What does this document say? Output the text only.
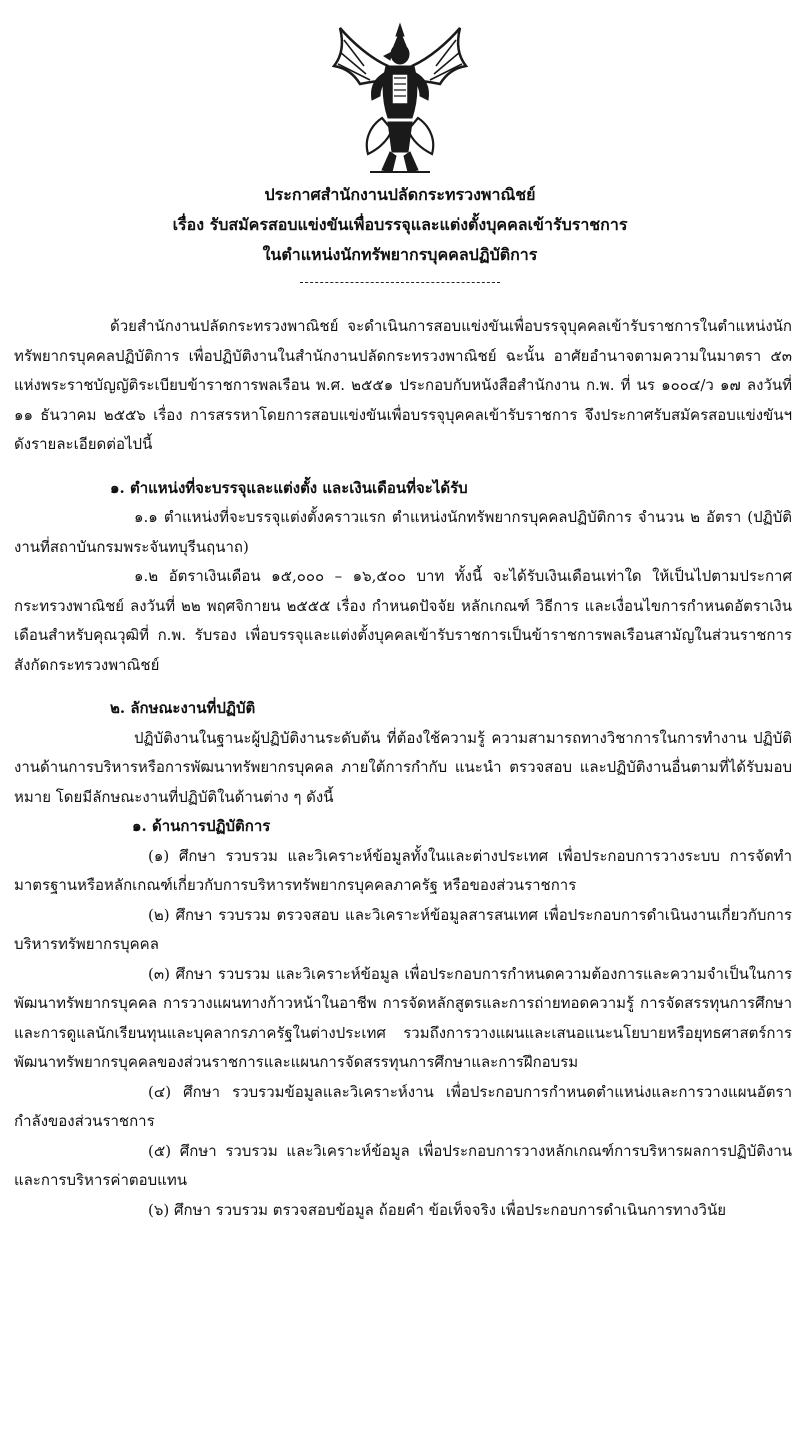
ประกาศสำนักงานปลัดกระทรวงพาณิชย์
เรื่อง รับสมัครสอบแข่งขันเพื่อบรรจุและแต่งตั้งบุคคลเข้ารับราชการ
ในตำแหน่งนักทรัพยากรบุคคลปฏิบัติการ

ด้วยสำนักงานปลัดกระทรวงพาณิชย์ จะดำเนินการสอบแข่งขันเพื่อบรรจุบุคคลเข้ารับราชการในตำแหน่งนักทรัพยากรบุคคลปฏิบัติการ เพื่อปฏิบัติงานในสำนักงานปลัดกระทรวงพาณิชย์ ฉะนั้น อาศัยอำนาจตามความในมาตรา ๕๓ แห่งพระราชบัญญัติระเบียบข้าราชการพลเรือน พ.ศ. ๒๕๕๑ ประกอบกับหนังสือสำนักงาน ก.พ. ที่ นร ๑๐๐๔/ว ๑๗ ลงวันที่ ๑๑ ธันวาคม ๒๕๕๖ เรื่อง การสรรหาโดยการสอบแข่งขันเพื่อบรรจุบุคคลเข้ารับราชการ จึงประกาศรับสมัครสอบแข่งขันฯ ดังรายละเอียดต่อไปนี้

๑. ตำแหน่งที่จะบรรจุและแต่งตั้ง และเงินเดือนที่จะได้รับ

๑.๑ ตำแหน่งที่จะบรรจุแต่งตั้งคราวแรก ตำแหน่งนักทรัพยากรบุคคลปฏิบัติการ จำนวน ๒ อัตรา (ปฏิบัติงานที่สถาบันกรมพระจันทบุรีนฤนาถ)

๑.๒ อัตราเงินเดือน ๑๕,๐๐๐ – ๑๖,๕๐๐ บาท ทั้งนี้ จะได้รับเงินเดือนเท่าใด ให้เป็นไปตามประกาศกระทรวงพาณิชย์ ลงวันที่ ๒๒ พฤศจิกายน ๒๕๕๕ เรื่อง กำหนดปัจจัย หลักเกณฑ์ วิธีการ และเงื่อนไขการกำหนดอัตราเงินเดือนสำหรับคุณวุฒิที่ ก.พ. รับรอง เพื่อบรรจุและแต่งตั้งบุคคลเข้ารับราชการเป็นข้าราชการพลเรือนสามัญในส่วนราชการสังกัดกระทรวงพาณิชย์

๒. ลักษณะงานที่ปฏิบัติ

ปฏิบัติงานในฐานะผู้ปฏิบัติงานระดับต้น ที่ต้องใช้ความรู้ ความสามารถทางวิชาการในการทำงาน ปฏิบัติงานด้านการบริหารหรือการพัฒนาทรัพยากรบุคคล ภายใต้การกำกับ แนะนำ ตรวจสอบ และปฏิบัติงานอื่นตามที่ได้รับมอบหมาย โดยมีลักษณะงานที่ปฏิบัติในด้านต่าง ๆ ดังนี้

๑. ด้านการปฏิบัติการ

(๑) ศึกษา รวบรวม และวิเคราะห์ข้อมูลทั้งในและต่างประเทศ เพื่อประกอบการวางระบบ การจัดทำมาตรฐานหรือหลักเกณฑ์เกี่ยวกับการบริหารทรัพยากรบุคคลภาครัฐ หรือของส่วนราชการ

(๒) ศึกษา รวบรวม ตรวจสอบ และวิเคราะห์ข้อมูลสารสนเทศ เพื่อประกอบการดำเนินงานเกี่ยวกับการบริหารทรัพยากรบุคคล

(๓) ศึกษา รวบรวม และวิเคราะห์ข้อมูล เพื่อประกอบการกำหนดความต้องการและความจำเป็นในการพัฒนาทรัพยากรบุคคล การวางแผนทางก้าวหน้าในอาชีพ การจัดหลักสูตรและการถ่ายทอดความรู้ การจัดสรรทุนการศึกษา และการดูแลนักเรียนทุนและบุคลากรภาครัฐในต่างประเทศ รวมถึงการวางแผนและเสนอแนะนโยบายหรือยุทธศาสตร์การพัฒนาทรัพยากรบุคคลของส่วนราชการและแผนการจัดสรรทุนการศึกษาและการฝึกอบรม

(๔) ศึกษา รวบรวมข้อมูลและวิเคราะห์งาน เพื่อประกอบการกำหนดตำแหน่งและการวางแผนอัตรากำลังของส่วนราชการ

(๕) ศึกษา รวบรวม และวิเคราะห์ข้อมูล เพื่อประกอบการวางหลักเกณฑ์การบริหารผลการปฏิบัติงาน และการบริหารค่าตอบแทน

(๖) ศึกษา รวบรวม ตรวจสอบข้อมูล ถ้อยคำ ข้อเท็จจริง เพื่อประกอบการดำเนินการทางวินัย
